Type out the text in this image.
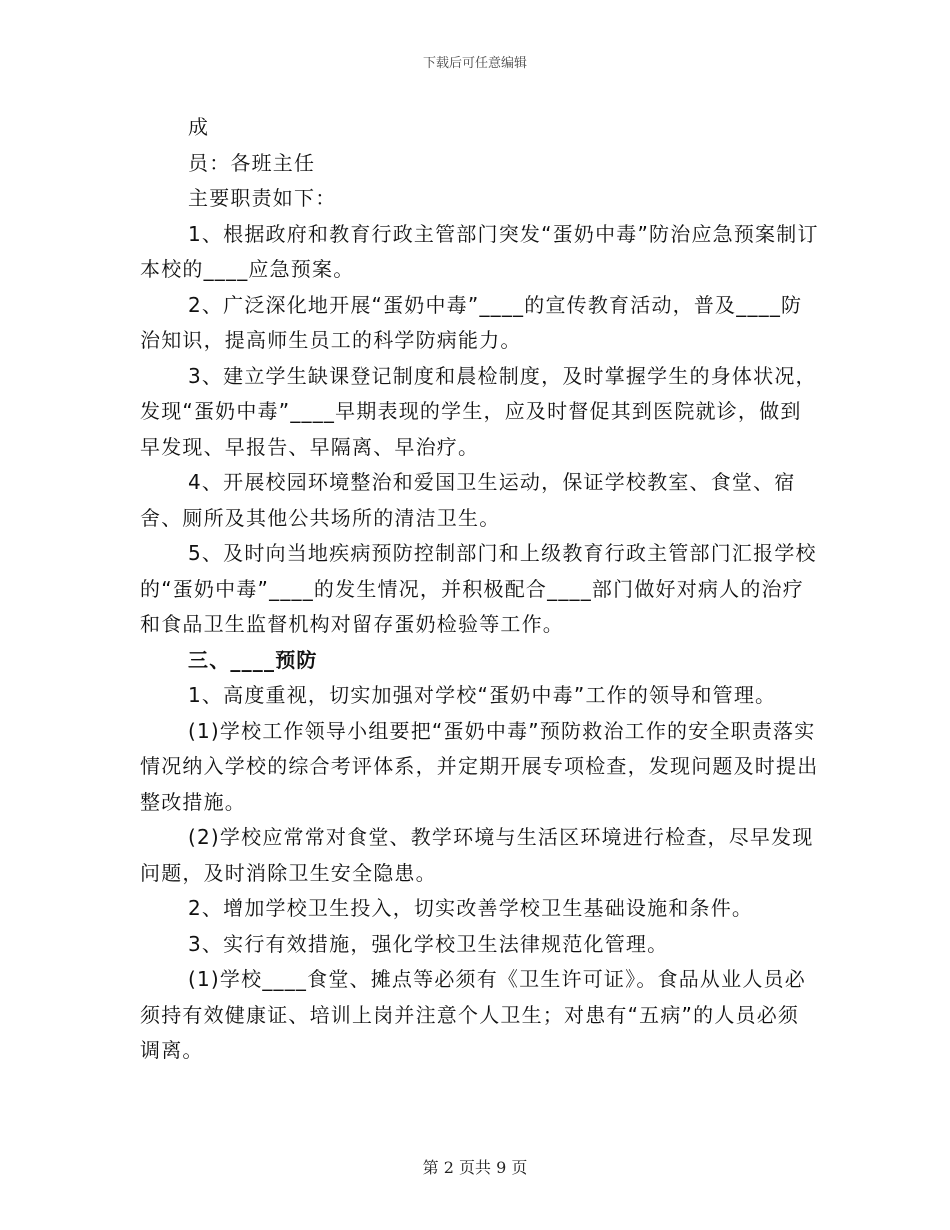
下载后可任意编辑

成

员：各班主任

主要职责如下：

1、根据政府和教育行政主管部门突发“蛋奶中毒”防治应急预案制订本校的____应急预案。

2、广泛深化地开展“蛋奶中毒”____的宣传教育活动，普及____防治知识，提高师生员工的科学防病能力。

3、建立学生缺课登记制度和晨检制度，及时掌握学生的身体状况，发现“蛋奶中毒”____早期表现的学生，应及时督促其到医院就诊，做到早发现、早报告、早隔离、早治疗。

4、开展校园环境整治和爱国卫生运动，保证学校教室、食堂、宿舍、厕所及其他公共场所的清洁卫生。

5、及时向当地疾病预防控制部门和上级教育行政主管部门汇报学校的“蛋奶中毒”____的发生情况，并积极配合____部门做好对病人的治疗和食品卫生监督机构对留存蛋奶检验等工作。

三、____预防

1、高度重视，切实加强对学校“蛋奶中毒”工作的领导和管理。

(1)学校工作领导小组要把“蛋奶中毒”预防救治工作的安全职责落实情况纳入学校的综合考评体系，并定期开展专项检查，发现问题及时提出整改措施。

(2)学校应常常对食堂、教学环境与生活区环境进行检查，尽早发现问题，及时消除卫生安全隐患。

2、增加学校卫生投入，切实改善学校卫生基础设施和条件。

3、实行有效措施，强化学校卫生法律规范化管理。

(1)学校____食堂、摊点等必须有《卫生许可证》。食品从业人员必须持有效健康证、培训上岗并注意个人卫生；对患有“五病”的人员必须调离。

第 2 页共 9 页
